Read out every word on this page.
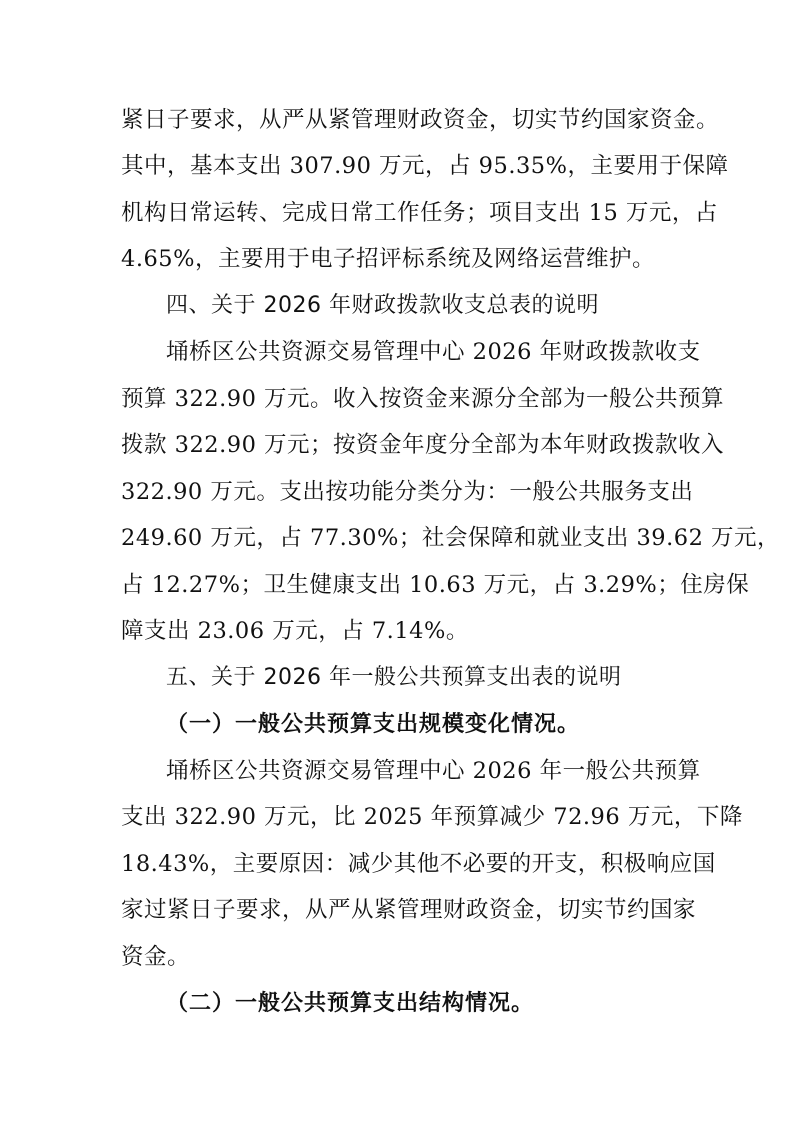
紧日子要求，从严从紧管理财政资金，切实节约国家资金。
其中，基本支出 307.90 万元，占 95.35%，主要用于保障
机构日常运转、完成日常工作任务；项目支出 15 万元，占
4.65%，主要用于电子招评标系统及网络运营维护。
四、关于 2026 年财政拨款收支总表的说明
埇桥区公共资源交易管理中心 2026 年财政拨款收支
预算 322.90 万元。收入按资金来源分全部为一般公共预算
拨款 322.90 万元；按资金年度分全部为本年财政拨款收入
322.90 万元。支出按功能分类分为：一般公共服务支出
249.60 万元，占 77.30%；社会保障和就业支出 39.62 万元，
占 12.27%；卫生健康支出 10.63 万元，占 3.29%；住房保
障支出 23.06 万元，占 7.14%。
五、关于 2026 年一般公共预算支出表的说明
（一）一般公共预算支出规模变化情况。
埇桥区公共资源交易管理中心 2026 年一般公共预算
支出 322.90 万元，比 2025 年预算减少 72.96 万元，下降
18.43%，主要原因：减少其他不必要的开支，积极响应国
家过紧日子要求，从严从紧管理财政资金，切实节约国家
资金。
（二）一般公共预算支出结构情况。
